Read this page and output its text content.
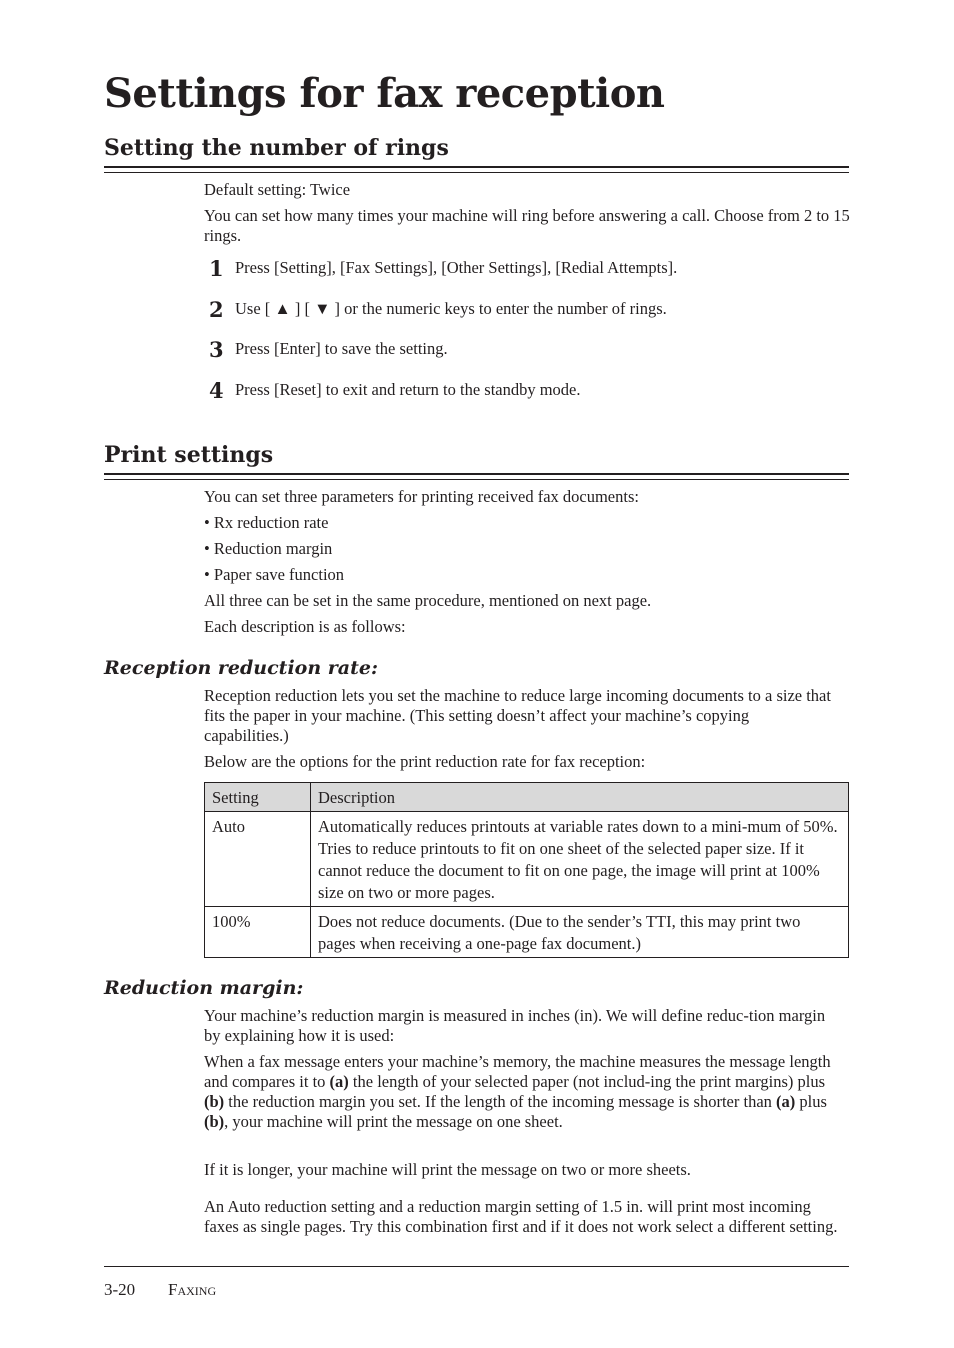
Settings for fax reception
Setting the number of rings

Default setting: Twice

You can set how many times your machine will ring before answering a call. Choose from 2 to 15 rings.

1 Press [Setting], [Fax Settings], [Other Settings], [Redial Attempts].
2 Use [ ▲ ] [ ▼ ] or the numeric keys to enter the number of rings.
3 Press [Enter] to save the setting.
4 Press [Reset] to exit and return to the standby mode.
Print settings
You can set three parameters for printing received fax documents:
• Rx reduction rate
• Reduction margin
• Paper save function
All three can be set in the same procedure, mentioned on next page.
Each description is as follows:
Reception reduction rate:
Reception reduction lets you set the machine to reduce large incoming documents to a size that fits the paper in your machine. (This setting doesn’t affect your machine’s copying capabilities.)
Below are the options for the print reduction rate for fax reception:
Setting	Description
Auto	Automatically reduces printouts at variable rates down to a mini-mum of 50%. Tries to reduce printouts to fit on one sheet of the selected paper size. If it cannot reduce the document to fit on one page, the image will print at 100% size on two or more pages.
100%	Does not reduce documents. (Due to the sender’s TTI, this may print two pages when receiving a one-page fax document.)
Reduction margin:
Your machine’s reduction margin is measured in inches (in). We will define reduc-tion margin by explaining how it is used:
When a fax message enters your machine’s memory, the machine measures the message length and compares it to (a) the length of your selected paper (not includ-ing the print margins) plus (b) the reduction margin you set. If the length of the incoming message is shorter than (a) plus (b), your machine will print the message on one sheet.
If it is longer, your machine will print the message on two or more sheets.
An Auto reduction setting and a reduction margin setting of 1.5 in. will print most incoming faxes as single pages. Try this combination first and if it does not work select a different setting.
3-20 Faxing
